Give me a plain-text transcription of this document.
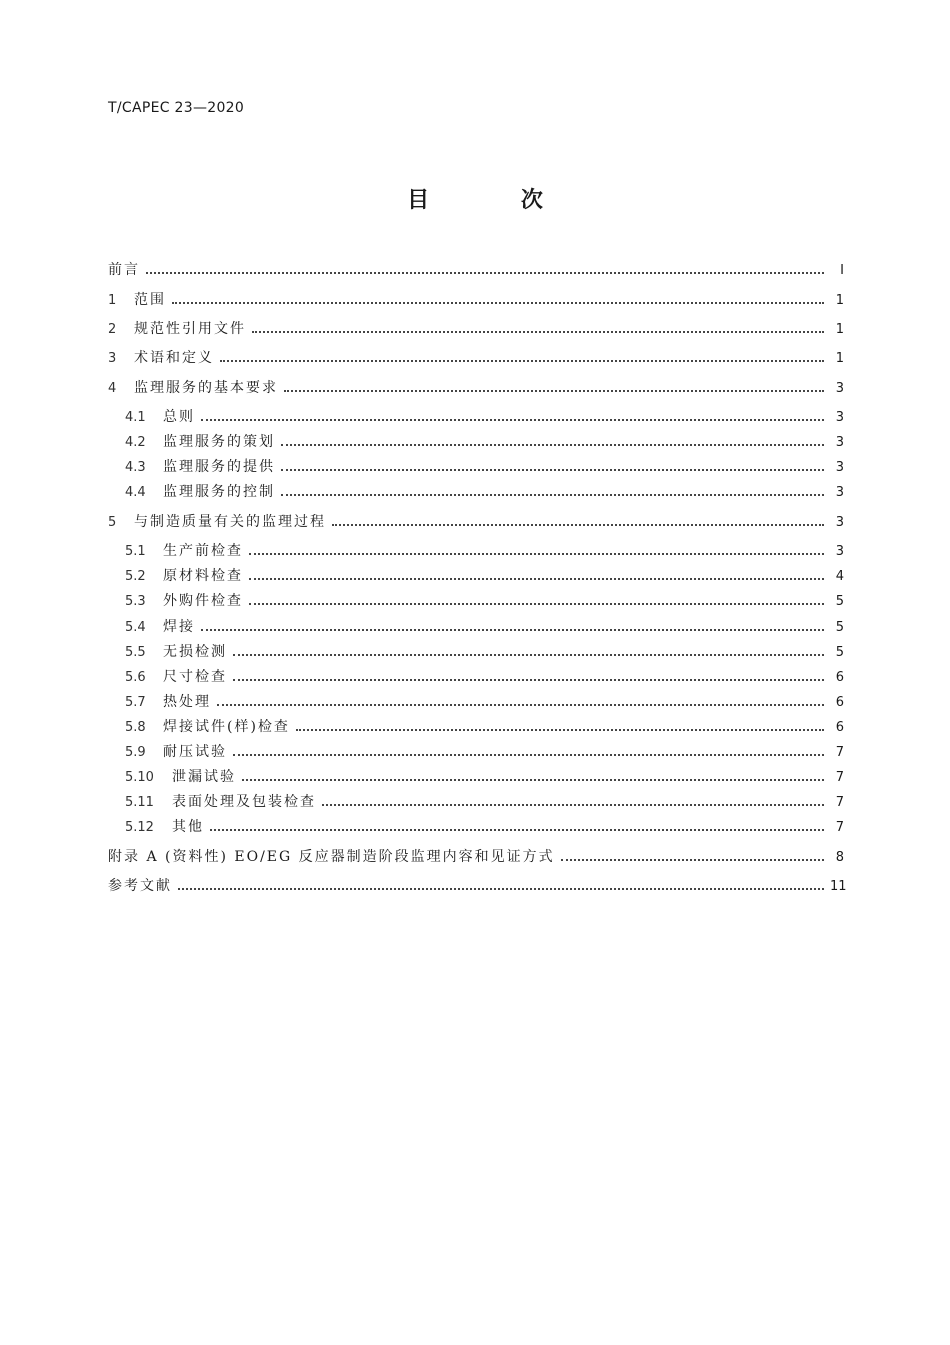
T/CAPEC 23—2020
目 次
前言	Ⅰ
1	范围	1
2	规范性引用文件	1
3	术语和定义	1
4	监理服务的基本要求	3
4.1	总则	3
4.2	监理服务的策划	3
4.3	监理服务的提供	3
4.4	监理服务的控制	3
5	与制造质量有关的监理过程	3
5.1	生产前检查	3
5.2	原材料检查	4
5.3	外购件检查	5
5.4	焊接	5
5.5	无损检测	5
5.6	尺寸检查	6
5.7	热处理	6
5.8	焊接试件(样)检查	6
5.9	耐压试验	7
5.10	泄漏试验	7
5.11	表面处理及包装检查	7
5.12	其他	7
附录 A (资料性) EO/EG 反应器制造阶段监理内容和见证方式	8
参考文献	11
